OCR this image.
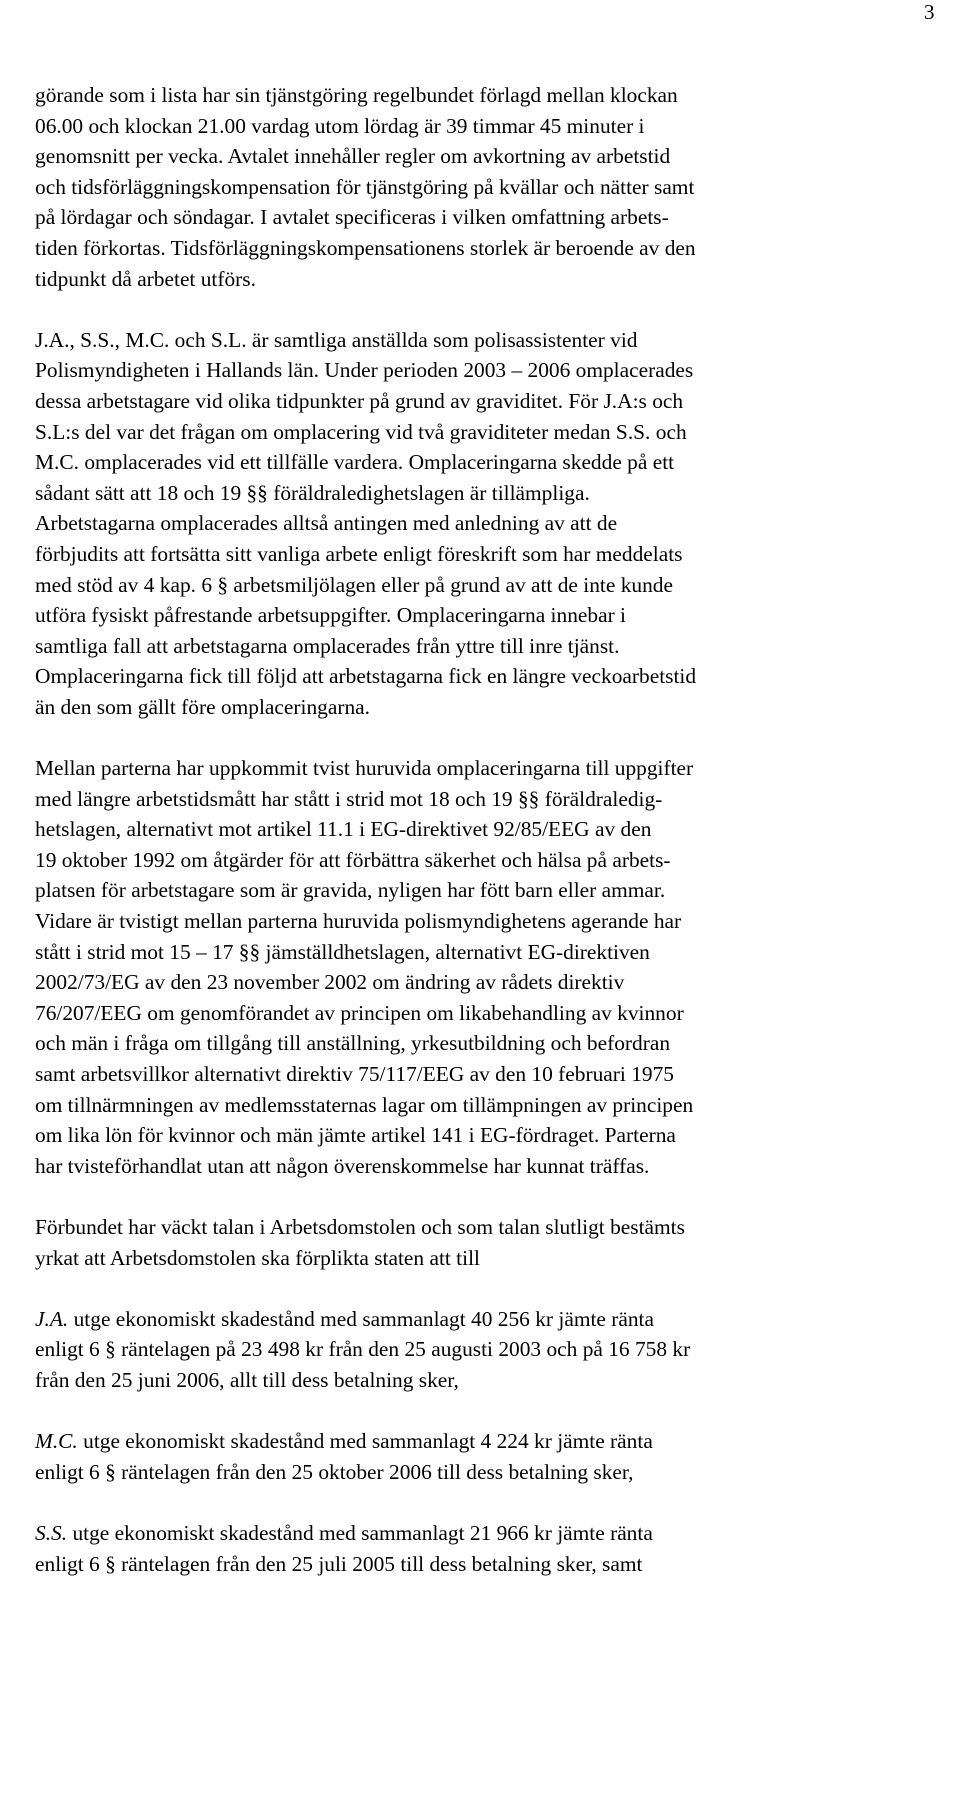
3

görande som i lista har sin tjänstgöring regelbundet förlagd mellan klockan
06.00 och klockan 21.00 vardag utom lördag är 39 timmar 45 minuter i
genomsnitt per vecka. Avtalet innehåller regler om avkortning av arbetstid
och tidsförläggningskompensation för tjänstgöring på kvällar och nätter samt
på lördagar och söndagar. I avtalet specificeras i vilken omfattning arbets-
tiden förkortas. Tidsförläggningskompensationens storlek är beroende av den
tidpunkt då arbetet utförs.

J.A., S.S., M.C. och S.L. är samtliga anställda som polisassistenter vid
Polismyndigheten i Hallands län. Under perioden 2003 – 2006 omplacerades
dessa arbetstagare vid olika tidpunkter på grund av graviditet. För J.A:s och
S.L:s del var det frågan om omplacering vid två graviditeter medan S.S. och
M.C. omplacerades vid ett tillfälle vardera. Omplaceringarna skedde på ett
sådant sätt att 18 och 19 §§ föräldraledighetslagen är tillämpliga.
Arbetstagarna omplacerades alltså antingen med anledning av att de
förbjudits att fortsätta sitt vanliga arbete enligt föreskrift som har meddelats
med stöd av 4 kap. 6 § arbetsmiljölagen eller på grund av att de inte kunde
utföra fysiskt påfrestande arbetsuppgifter. Omplaceringarna innebar i
samtliga fall att arbetstagarna omplacerades från yttre till inre tjänst.
Omplaceringarna fick till följd att arbetstagarna fick en längre veckoarbetstid
än den som gällt före omplaceringarna.

Mellan parterna har uppkommit tvist huruvida omplaceringarna till uppgifter
med längre arbetstidsmått har stått i strid mot 18 och 19 §§ föräldraledig-
hetslagen, alternativt mot artikel 11.1 i EG-direktivet 92/85/EEG av den
19 oktober 1992 om åtgärder för att förbättra säkerhet och hälsa på arbets-
platsen för arbetstagare som är gravida, nyligen har fött barn eller ammar.
Vidare är tvistigt mellan parterna huruvida polismyndighetens agerande har
stått i strid mot 15 – 17 §§ jämställdhetslagen, alternativt EG-direktiven
2002/73/EG av den 23 november 2002 om ändring av rådets direktiv
76/207/EEG om genomförandet av principen om likabehandling av kvinnor
och män i fråga om tillgång till anställning, yrkesutbildning och befordran
samt arbetsvillkor alternativt direktiv 75/117/EEG av den 10 februari 1975
om tillnärmningen av medlemsstaternas lagar om tillämpningen av principen
om lika lön för kvinnor och män jämte artikel 141 i EG-fördraget. Parterna
har tvisteförhandlat utan att någon överenskommelse har kunnat träffas.

Förbundet har väckt talan i Arbetsdomstolen och som talan slutligt bestämts
yrkat att Arbetsdomstolen ska förplikta staten att till

J.A. utge ekonomiskt skadestånd med sammanlagt 40 256 kr jämte ränta
enligt 6 § räntelagen på 23 498 kr från den 25 augusti 2003 och på 16 758 kr
från den 25 juni 2006, allt till dess betalning sker,

M.C. utge ekonomiskt skadestånd med sammanlagt 4 224 kr jämte ränta
enligt 6 § räntelagen från den 25 oktober 2006 till dess betalning sker,

S.S. utge ekonomiskt skadestånd med sammanlagt 21 966 kr jämte ränta
enligt 6 § räntelagen från den 25 juli 2005 till dess betalning sker, samt
